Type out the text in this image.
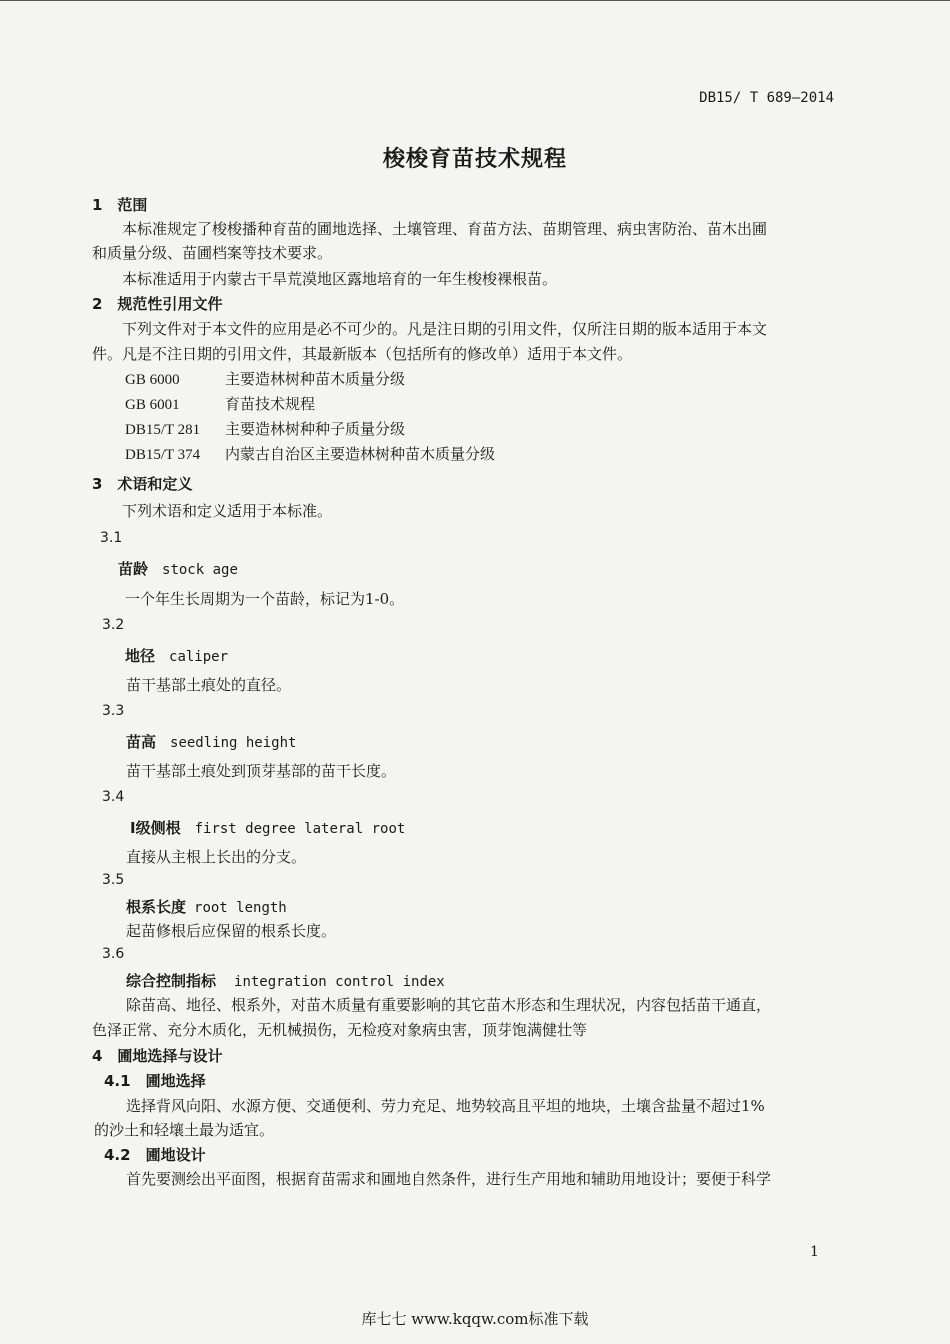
DB15/ T 689—2014
梭梭育苗技术规程
1　范围
本标准规定了梭梭播种育苗的圃地选择、土壤管理、育苗方法、苗期管理、病虫害防治、苗木出圃
和质量分级、苗圃档案等技术要求。
本标准适用于内蒙古干旱荒漠地区露地培育的一年生梭梭裸根苗。
2　规范性引用文件
下列文件对于本文件的应用是必不可少的。凡是注日期的引用文件，仅所注日期的版本适用于本文
件。凡是不注日期的引用文件，其最新版本（包括所有的修改单）适用于本文件。
GB 6000	主要造林树种苗木质量分级
GB 6001	育苗技术规程
DB15/T 281 主要造林树种种子质量分级
DB15/T 374 内蒙古自治区主要造林树种苗木质量分级
3　术语和定义
下列术语和定义适用于本标准。
3.1
苗龄 stock age
一个年生长周期为一个苗龄，标记为1-0。
3.2
地径 caliper
苗干基部土痕处的直径。
3.3
苗高 seedling height
苗干基部土痕处到顶芽基部的苗干长度。
3.4
Ⅰ级侧根 first degree lateral root
直接从主根上长出的分支。
3.5
根系长度 root length
起苗修根后应保留的根系长度。
3.6
综合控制指标 integration control index
除苗高、地径、根系外，对苗木质量有重要影响的其它苗木形态和生理状况，内容包括苗干通直，
色泽正常、充分木质化，无机械损伤，无检疫对象病虫害，顶芽饱满健壮等
4　圃地选择与设计
4.1　圃地选择
选择背风向阳、水源方便、交通便利、劳力充足、地势较高且平坦的地块，土壤含盐量不超过1%
的沙土和轻壤土最为适宜。
4.2　圃地设计
首先要测绘出平面图，根据育苗需求和圃地自然条件，进行生产用地和辅助用地设计；要便于科学
1
库七七 www.kqqw.com标准下载
